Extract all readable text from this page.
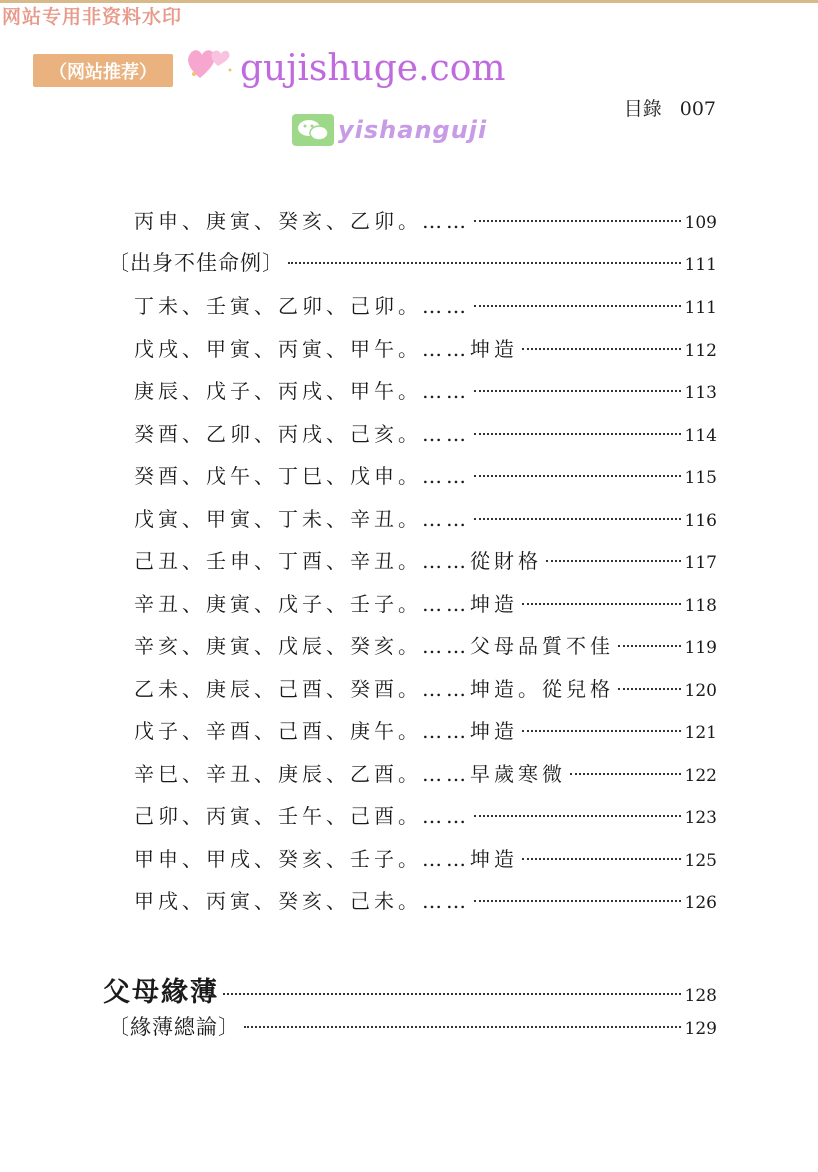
网站专用非资料水印
（网站推荐）	gujishuge.com
yishanguji
目錄 007
丙申、庚寅、癸亥、乙卯。……	109
〔出身不佳命例〕	111
丁未、壬寅、乙卯、己卯。……	111
戊戌、甲寅、丙寅、甲午。…… 坤造	112
庚辰、戊子、丙戌、甲午。……	113
癸酉、乙卯、丙戌、己亥。……	114
癸酉、戊午、丁巳、戊申。……	115
戊寅、甲寅、丁未、辛丑。……	116
己丑、壬申、丁酉、辛丑。…… 從財格	117
辛丑、庚寅、戊子、壬子。…… 坤造	118
辛亥、庚寅、戊辰、癸亥。…… 父母品質不佳	119
乙未、庚辰、己酉、癸酉。…… 坤造。從兒格	120
戊子、辛酉、己酉、庚午。…… 坤造	121
辛巳、辛丑、庚辰、乙酉。…… 早歲寒微	122
己卯、丙寅、壬午、己酉。……	123
甲申、甲戌、癸亥、壬子。…… 坤造	125
甲戌、丙寅、癸亥、己未。……	126
父母緣薄	128
〔緣薄總論〕	129
